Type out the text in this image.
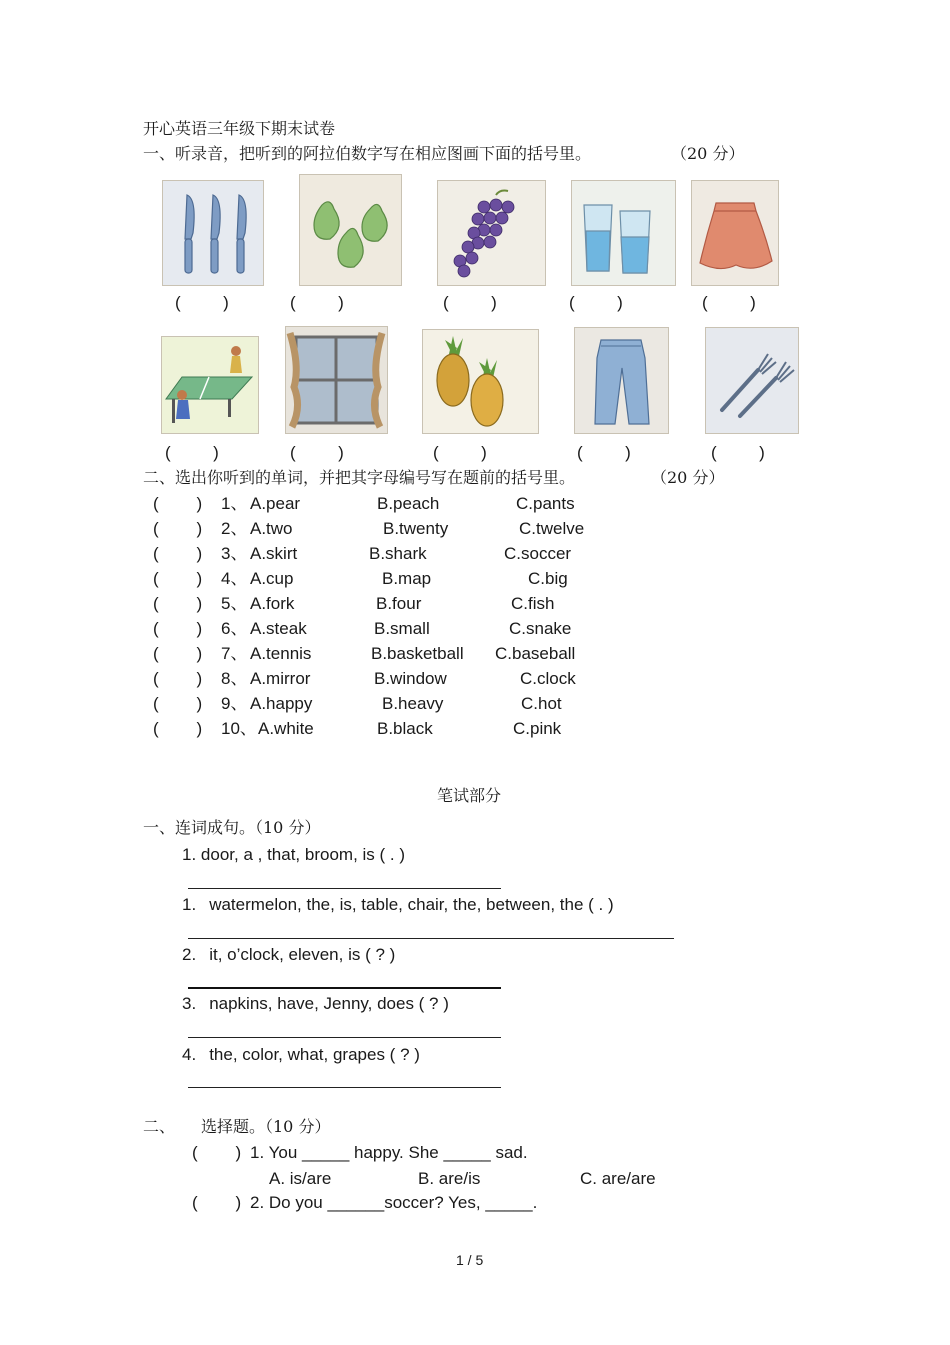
开心英语三年级下期末试卷
一、听录音，把听到的阿拉伯数字写在相应图画下面的括号里。	（20 分）
(         )	(         )	(         )	(         )	(         )
(         )	(         )	(         )	(         )	(         )
二、选出你听到的单词，并把其字母编号写在题前的括号里。	（20 分）
(        ) 1、 A.pear	B.peach	C.pants
(        ) 2、 A.two	B.twenty	C.twelve
(        ) 3、 A.skirt	B.shark	C.soccer
(        ) 4、 A.cup	B.map	C.big
(        ) 5、 A.fork	B.four	C.fish
(        ) 6、 A.steak	B.small	C.snake
(        ) 7、 A.tennis	B.basketball C.baseball
(        ) 8、 A.mirror	B.window	C.clock
(        ) 9、 A.happy	B.heavy	C.hot
(        ) 10、 A.white	B.black	C.pink
笔试部分
一、连词成句。（10 分）
1. door, a , that, broom, is ( . )
1. watermelon, the, is, table, chair, the, between, the ( . )
2. it, o’clock, eleven, is ( ? )
3. napkins, have, Jenny, does ( ? )
4. the, color, what, grapes ( ? )
二、 选择题。（10 分）
(        ) 1. You _____ happy. She _____ sad.
A. is/are	B. are/is	C. are/are
(        ) 2. Do you ______soccer? Yes, _____.
1 / 5
